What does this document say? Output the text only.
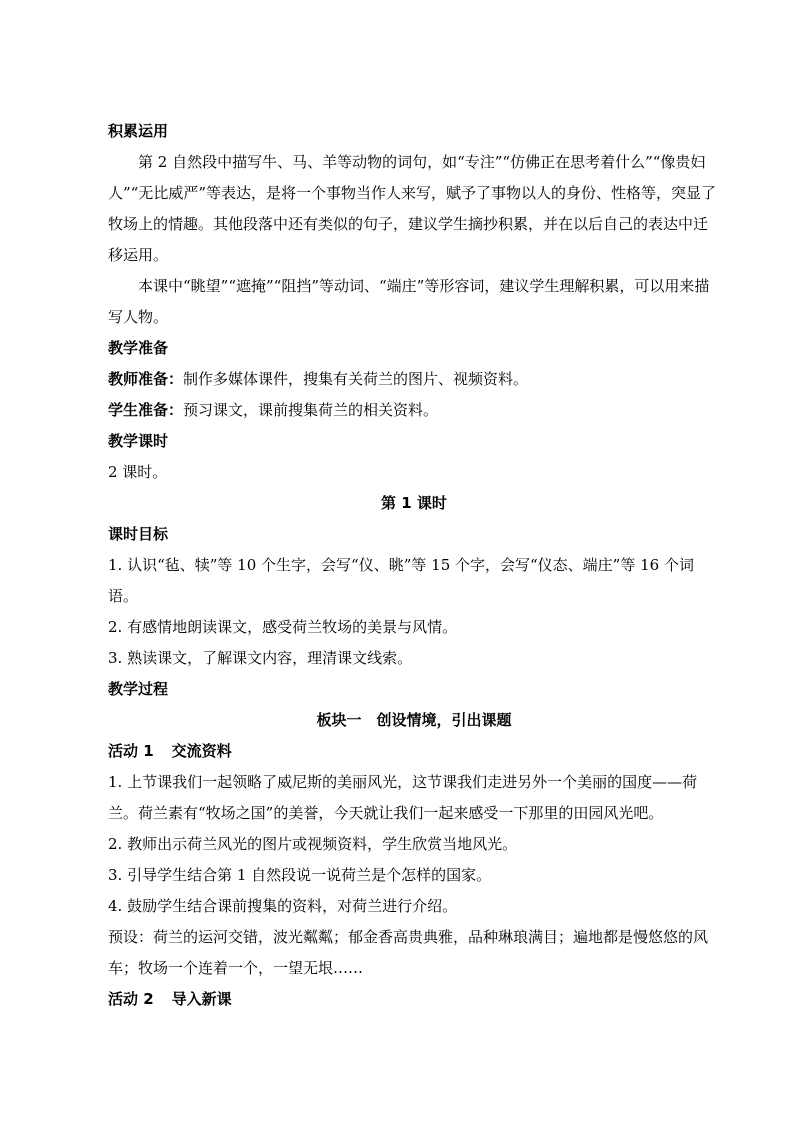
积累运用

第 2 自然段中描写牛、马、羊等动物的词句，如“专注”“仿佛正在思考着什么”“像贵妇人”“无比威严”等表达，是将一个事物当作人来写，赋予了事物以人的身份、性格等，突显了牧场上的情趣。其他段落中还有类似的句子，建议学生摘抄积累，并在以后自己的表达中迁移运用。

本课中“眺望”“遮掩”“阻挡”等动词、“端庄”等形容词，建议学生理解积累，可以用来描写人物。

教学准备

教师准备：制作多媒体课件，搜集有关荷兰的图片、视频资料。

学生准备：预习课文，课前搜集荷兰的相关资料。

教学课时

2 课时。

第 1 课时

课时目标

1. 认识“毡、犊”等 10 个生字，会写“仪、眺”等 15 个字，会写“仪态、端庄”等 16 个词语。

2. 有感情地朗读课文，感受荷兰牧场的美景与风情。

3. 熟读课文，了解课文内容，理清课文线索。

教学过程

板块一　创设情境，引出课题

活动 1 交流资料

1. 上节课我们一起领略了威尼斯的美丽风光，这节课我们走进另外一个美丽的国度——荷兰。荷兰素有“牧场之国”的美誉，今天就让我们一起来感受一下那里的田园风光吧。

2. 教师出示荷兰风光的图片或视频资料，学生欣赏当地风光。

3. 引导学生结合第 1 自然段说一说荷兰是个怎样的国家。

4. 鼓励学生结合课前搜集的资料，对荷兰进行介绍。

预设：荷兰的运河交错，波光粼粼；郁金香高贵典雅，品种琳琅满目；遍地都是慢悠悠的风车；牧场一个连着一个，一望无垠……

活动 2 导入新课
